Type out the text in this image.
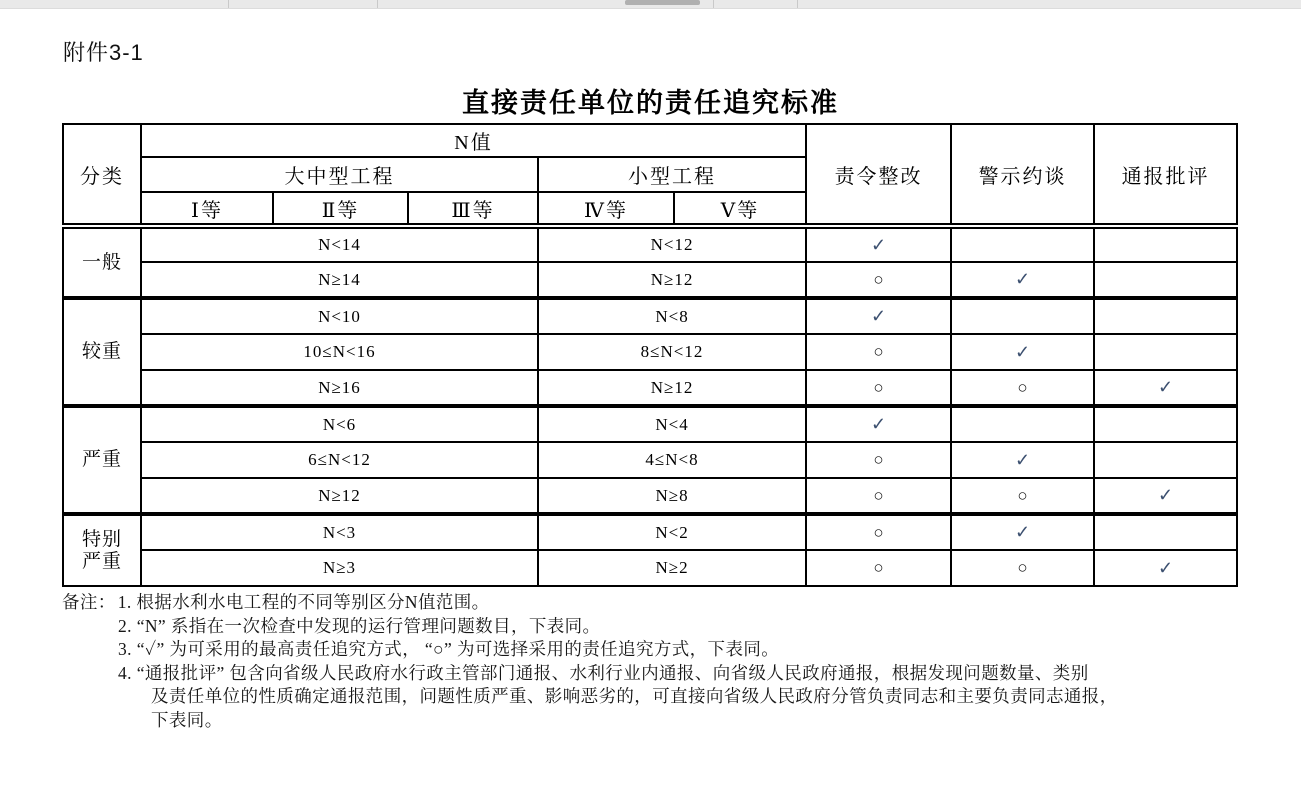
附件3-1
直接责任单位的责任追究标准
分类	N值					责令整改	警示约谈	通报批评
	大中型工程			小型工程				
	Ⅰ等	Ⅱ等	Ⅲ等	Ⅳ等	Ⅴ等			

一般	N<14			N<12		✓		
	N≥14			N≥12		○	✓	

较重	N<10			N<8		✓		
	10≤N<16			8≤N<12		○	✓	
	N≥16			N≥12		○	○	✓

严重	N<6			N<4		✓		
	6≤N<12			4≤N<8		○	✓	
	N≥12			N≥8		○	○	✓

特别
严重	N<3			N<2		○	✓	
	N≥3			N≥2		○	○	✓
备注： 1. 根据水利水电工程的不同等别区分N值范围。
2. “N” 系指在一次检查中发现的运行管理问题数目，下表同。
3. “✓” 为可采用的最高责任追究方式， “○” 为可选择采用的责任追究方式，下表同。
4. “通报批评” 包含向省级人民政府水行政主管部门通报、水利行业内通报、向省级人民政府通报，根据发现问题数量、类别
及责任单位的性质确定通报范围，问题性质严重、影响恶劣的，可直接向省级人民政府分管负责同志和主要负责同志通报，
下表同。
